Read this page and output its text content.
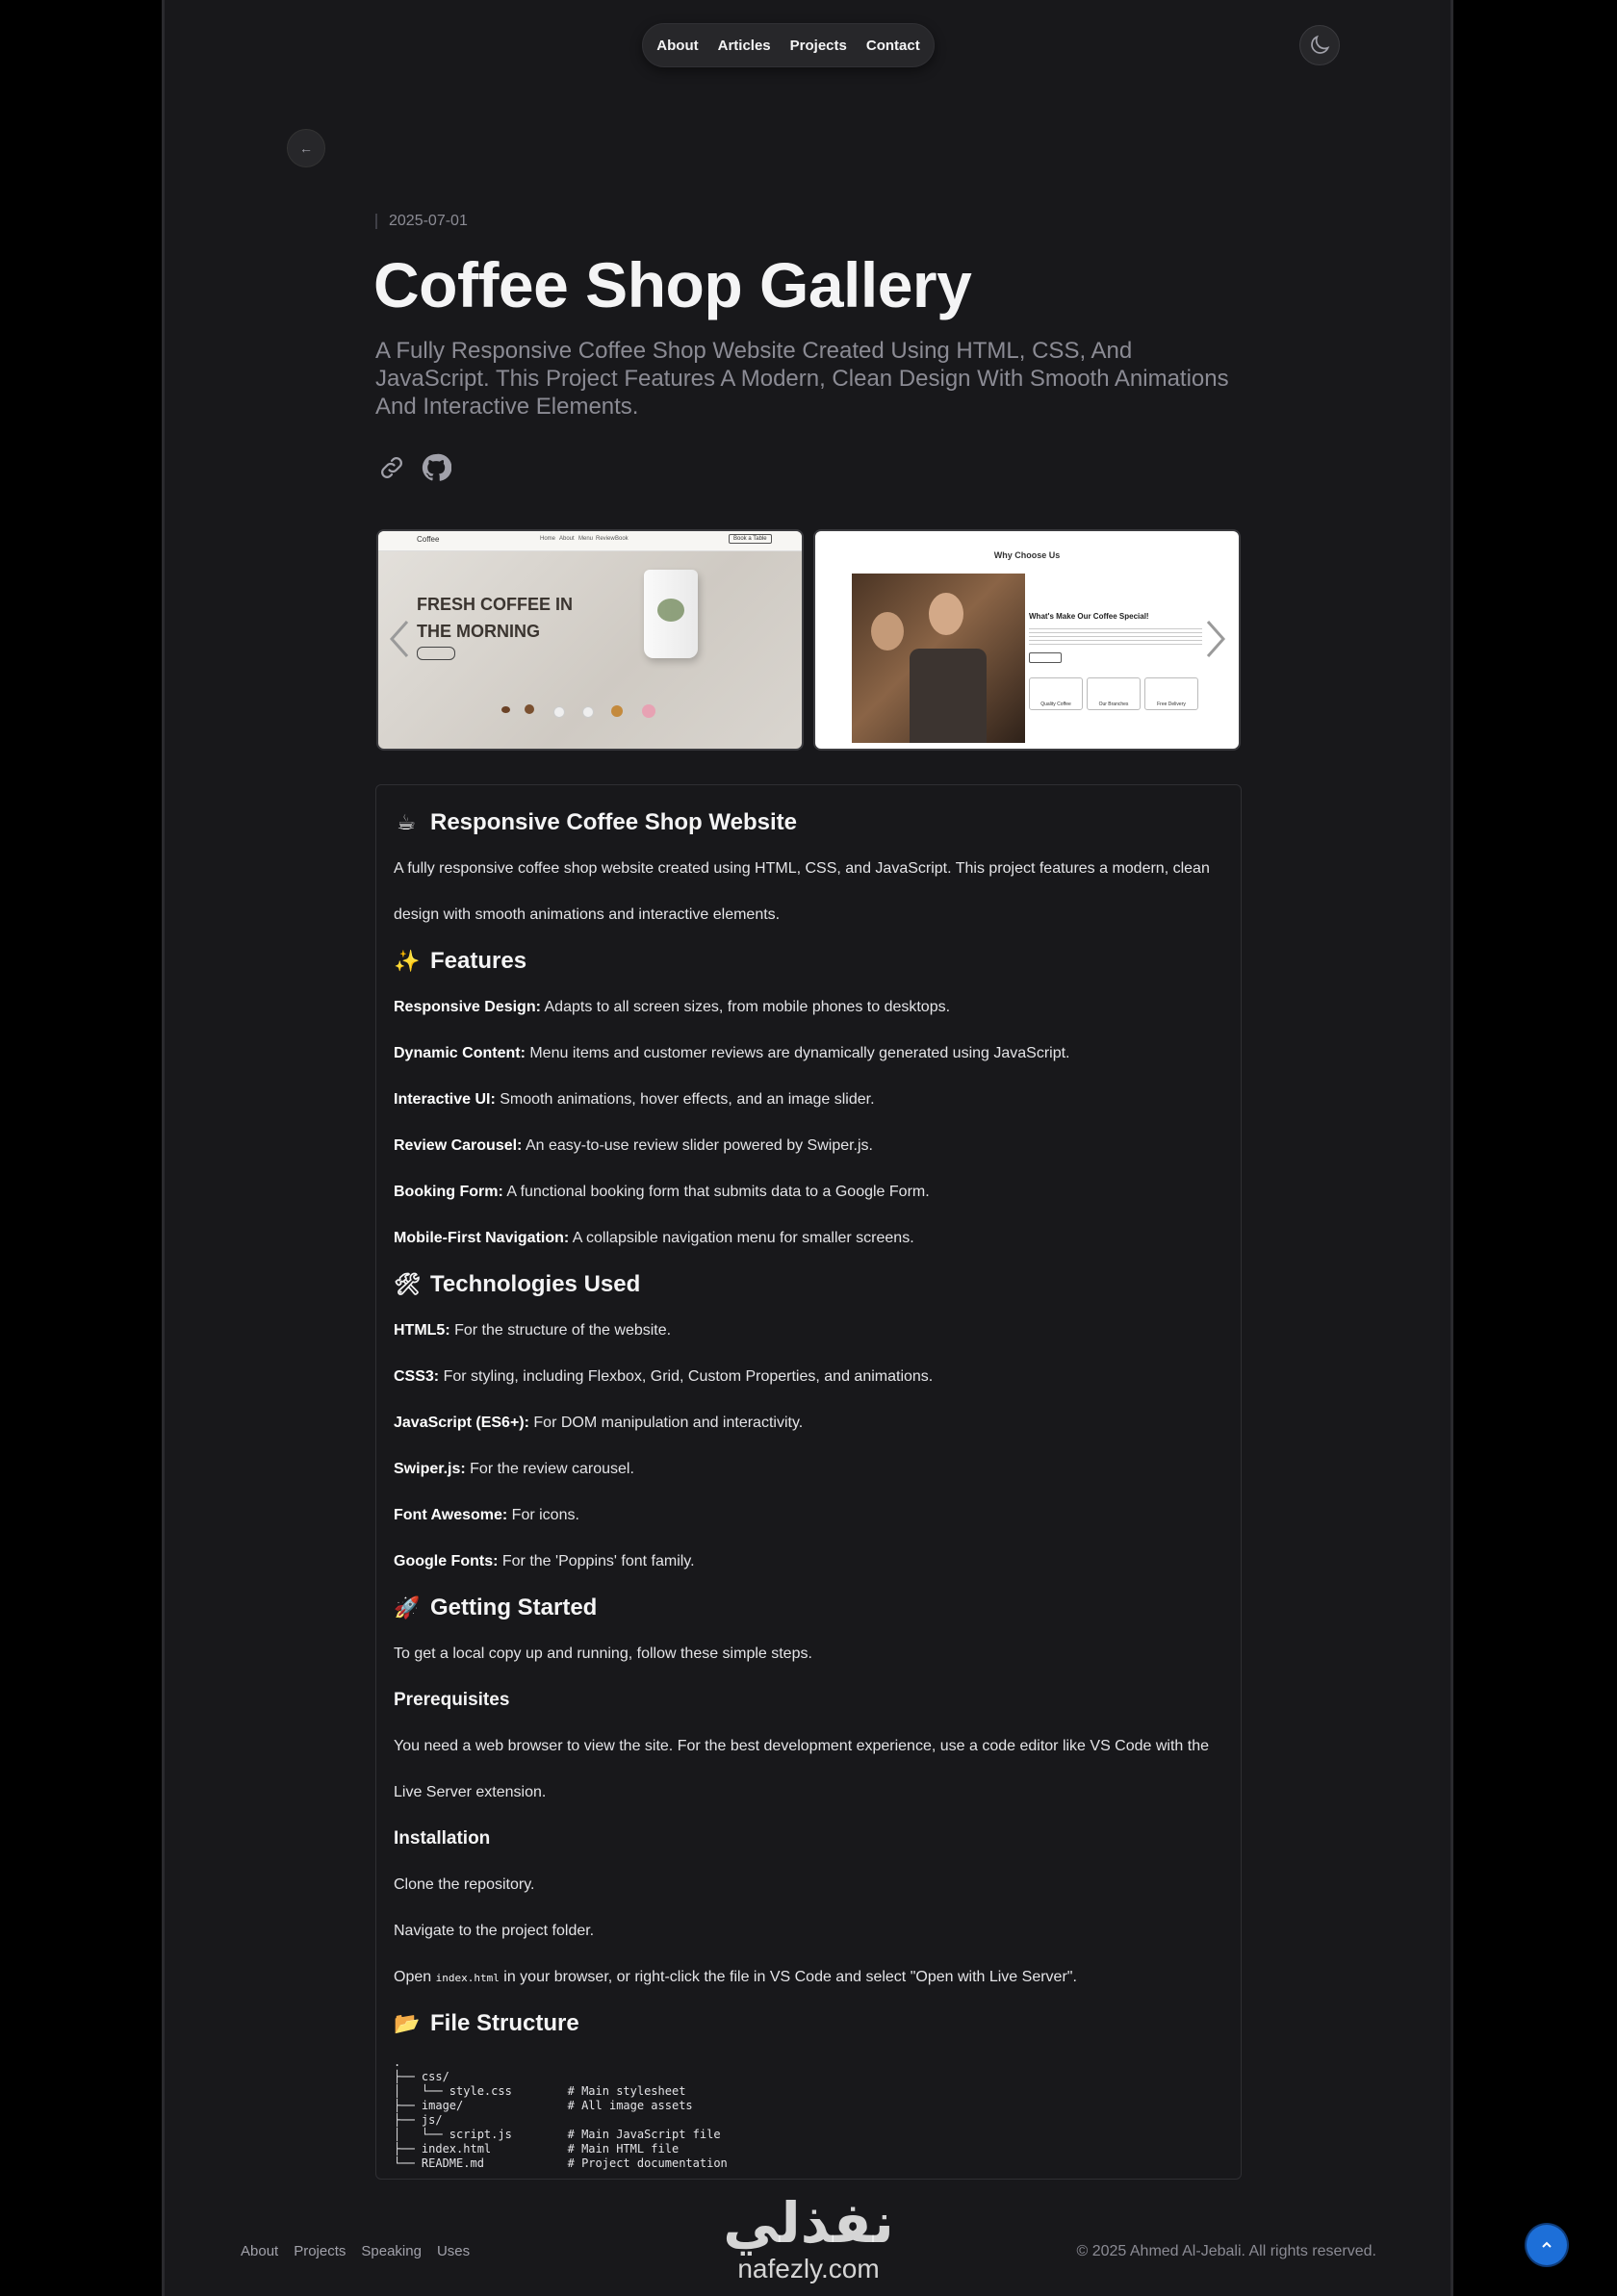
About Articles Projects Contact
←
2025-07-01
Coffee Shop Gallery

A Fully Responsive Coffee Shop Website Created Using HTML, CSS, And JavaScript. This Project Features A Modern, Clean Design With Smooth Animations And Interactive Elements.

Coffee	Home About Menu Review Book	Book a Table
FRESH COFFEE IN
THE MORNING
Why Choose Us
What's Make Our Coffee Special!
Quality Coffee	Our Branches	Free Delivery
☕ Responsive Coffee Shop Website
A fully responsive coffee shop website created using HTML, CSS, and JavaScript. This project features a modern, clean
design with smooth animations and interactive elements.
✨ Features
Responsive Design: Adapts to all screen sizes, from mobile phones to desktops.
Dynamic Content: Menu items and customer reviews are dynamically generated using JavaScript.
Interactive UI: Smooth animations, hover effects, and an image slider.
Review Carousel: An easy-to-use review slider powered by Swiper.js.
Booking Form: A functional booking form that submits data to a Google Form.
Mobile-First Navigation: A collapsible navigation menu for smaller screens.
🛠 Technologies Used
HTML5: For the structure of the website.
CSS3: For styling, including Flexbox, Grid, Custom Properties, and animations.
JavaScript (ES6+): For DOM manipulation and interactivity.
Swiper.js: For the review carousel.
Font Awesome: For icons.
Google Fonts: For the 'Poppins' font family.
🚀 Getting Started
To get a local copy up and running, follow these simple steps.
Prerequisites
You need a web browser to view the site. For the best development experience, use a code editor like VS Code with the
Live Server extension.
Installation
Clone the repository.
Navigate to the project folder.
Open index.html in your browser, or right-click the file in VS Code and select "Open with Live Server".
📂 File Structure
.
├── css/
│   └── style.css        # Main stylesheet
├── image/               # All image assets
├── js/
│   └── script.js        # Main JavaScript file
├── index.html           # Main HTML file
└── README.md            # Project documentation
About Projects Speaking Uses	نفذلي
nafezly.com
© 2025 Ahmed Al-Jebali. All rights reserved.
